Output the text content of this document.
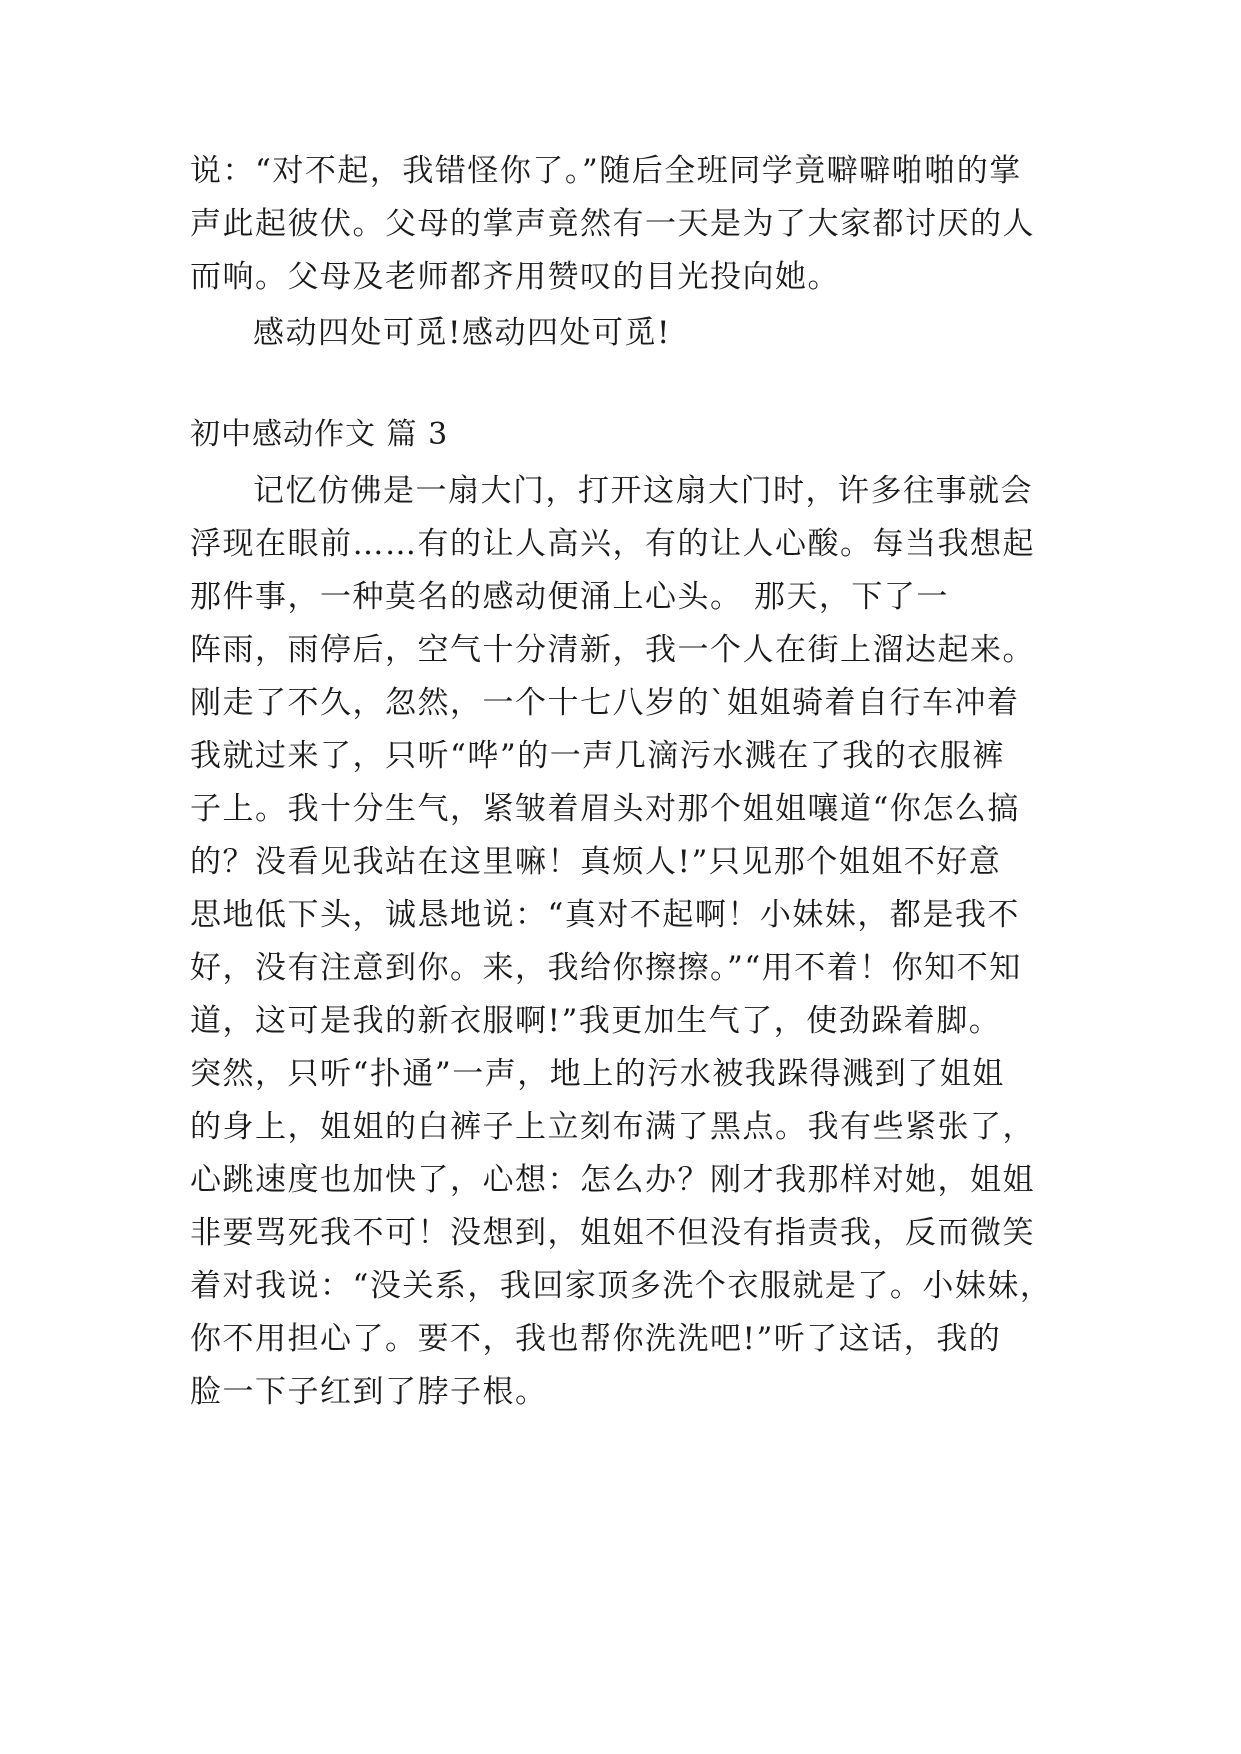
说：“对不起，我错怪你了。”随后全班同学竟噼噼啪啪的掌
声此起彼伏。父母的掌声竟然有一天是为了大家都讨厌的人
而响。父母及老师都齐用赞叹的目光投向她。
感动四处可觅!感动四处可觅!
初中感动作文 篇 3
记忆仿佛是一扇大门，打开这扇大门时，许多往事就会
浮现在眼前……有的让人高兴，有的让人心酸。每当我想起
那件事，一种莫名的感动便涌上心头。 那天，下了一
阵雨，雨停后，空气十分清新，我一个人在街上溜达起来。
刚走了不久，忽然，一个十七八岁的`姐姐骑着自行车冲着
我就过来了，只听“哗”的一声几滴污水溅在了我的衣服裤
子上。我十分生气，紧皱着眉头对那个姐姐嚷道“你怎么搞
的？没看见我站在这里嘛！真烦人!”只见那个姐姐不好意
思地低下头，诚恳地说：“真对不起啊！小妹妹，都是我不
好，没有注意到你。来，我给你擦擦。”“用不着！你知不知
道，这可是我的新衣服啊!”我更加生气了，使劲跺着脚。
突然，只听“扑通”一声，地上的污水被我跺得溅到了姐姐
的身上，姐姐的白裤子上立刻布满了黑点。我有些紧张了，
心跳速度也加快了，心想：怎么办？刚才我那样对她，姐姐
非要骂死我不可！没想到，姐姐不但没有指责我，反而微笑
着对我说：“没关系，我回家顶多洗个衣服就是了。小妹妹，
你不用担心了。要不，我也帮你洗洗吧!”听了这话，我的
脸一下子红到了脖子根。
